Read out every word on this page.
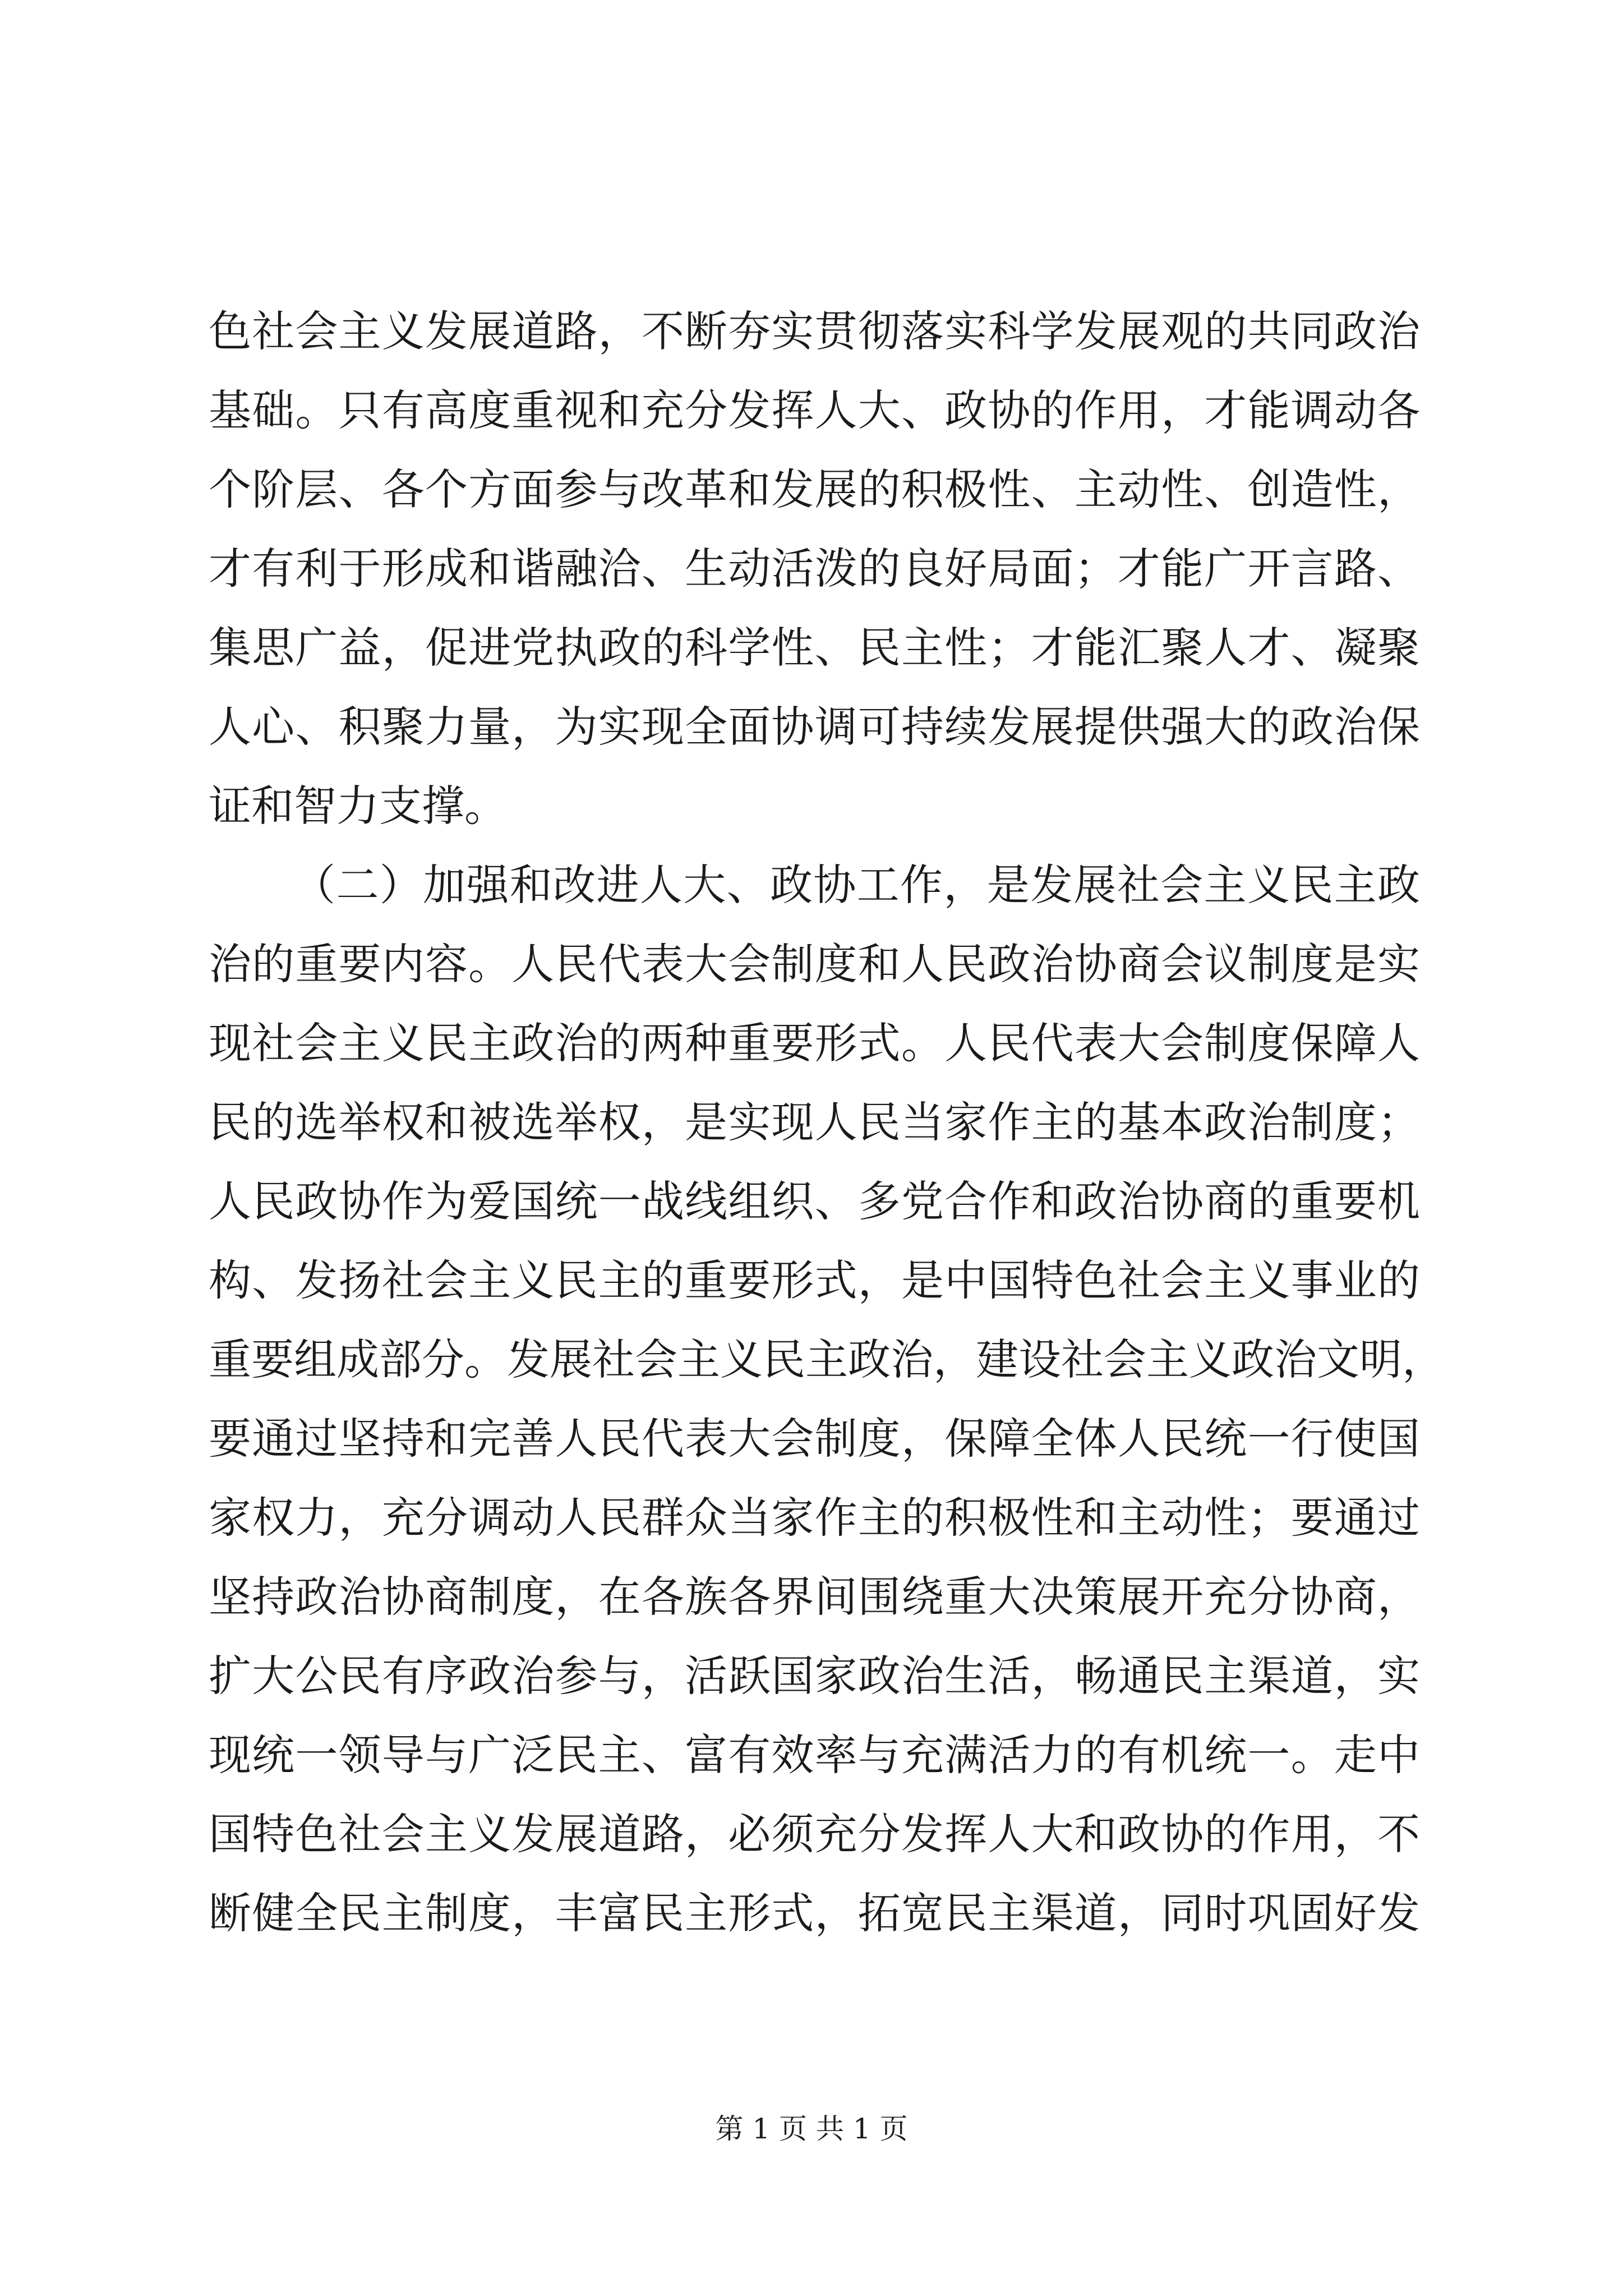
色社会主义发展道路，不断夯实贯彻落实科学发展观的共同政治
基础。只有高度重视和充分发挥人大、政协的作用，才能调动各
个阶层、各个方面参与改革和发展的积极性、主动性、创造性，
才有利于形成和谐融洽、生动活泼的良好局面；才能广开言路、
集思广益，促进党执政的科学性、民主性；才能汇聚人才、凝聚
人心、积聚力量，为实现全面协调可持续发展提供强大的政治保
证和智力支撑。
（二）加强和改进人大、政协工作，是发展社会主义民主政
治的重要内容。人民代表大会制度和人民政治协商会议制度是实
现社会主义民主政治的两种重要形式。人民代表大会制度保障人
民的选举权和被选举权，是实现人民当家作主的基本政治制度；
人民政协作为爱国统一战线组织、多党合作和政治协商的重要机
构、发扬社会主义民主的重要形式，是中国特色社会主义事业的
重要组成部分。发展社会主义民主政治，建设社会主义政治文明，
要通过坚持和完善人民代表大会制度，保障全体人民统一行使国
家权力，充分调动人民群众当家作主的积极性和主动性；要通过
坚持政治协商制度，在各族各界间围绕重大决策展开充分协商，
扩大公民有序政治参与，活跃国家政治生活，畅通民主渠道，实
现统一领导与广泛民主、富有效率与充满活力的有机统一。走中
国特色社会主义发展道路，必须充分发挥人大和政协的作用，不
断健全民主制度，丰富民主形式，拓宽民主渠道，同时巩固好发
第 1 页 共 1 页
